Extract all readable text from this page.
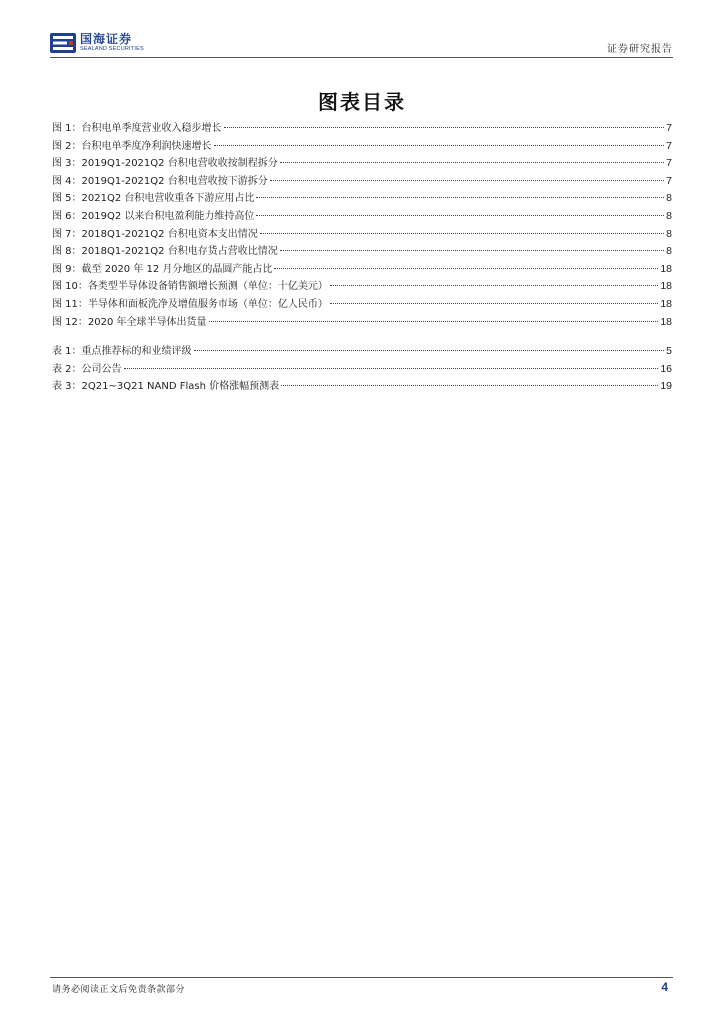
国海证券
SEALAND SECURITIES	证券研究报告
图表目录
图 1：台积电单季度营业收入稳步增长	7
图 2：台积电单季度净利润快速增长	7
图 3：2019Q1-2021Q2 台积电营收收按制程拆分	7
图 4：2019Q1-2021Q2 台积电营收按下游拆分	7
图 5：2021Q2 台积电营收重各下游应用占比	8
图 6：2019Q2 以来台积电盈利能力维持高位	8
图 7：2018Q1-2021Q2 台积电资本支出情况	8
图 8：2018Q1-2021Q2 台积电存货占营收比情况	8
图 9：截至 2020 年 12 月分地区的晶圆产能占比	18
图 10：各类型半导体设备销售额增长预测（单位：十亿美元）	18
图 11：半导体和面板洗净及增值服务市场（单位：亿人民币）	18
图 12：2020 年全球半导体出货量	18
表 1：重点推荐标的和业绩评级	5
表 2：公司公告	16
表 3：2Q21~3Q21 NAND Flash 价格涨幅预测表	19
请务必阅读正文后免责条款部分	4
